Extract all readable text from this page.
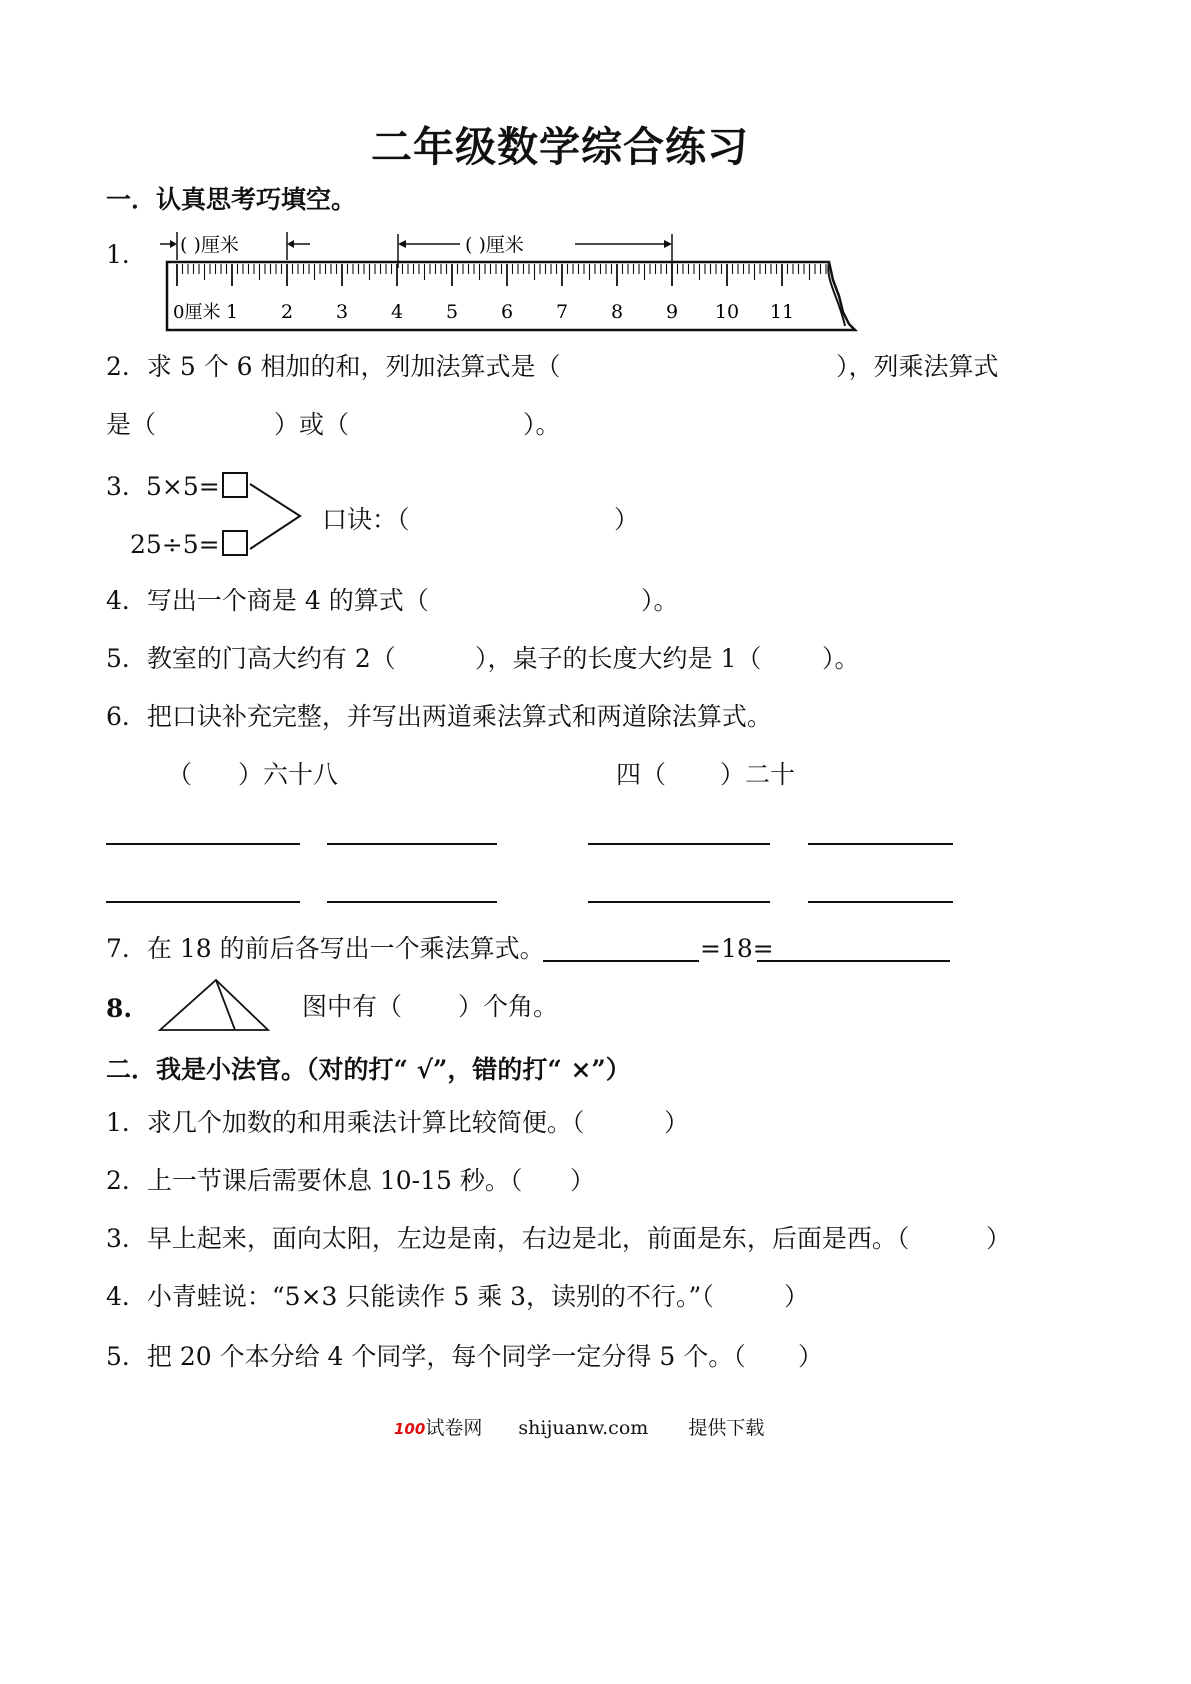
二年级数学综合练习
一．认真思考巧填空。
1． ( )厘米	( )厘米
0厘米 1 2 3 4 5 6 7 8 9 10 11
2．求 5 个 6 相加的和，列加法算式是（	），列乘法算式
是（	）或（	）。
3． 5×5=
25÷5=
口诀：（	）
4．写出一个商是 4 的算式（	）。
5．教室的门高大约有 2（	），桌子的长度大约是 1（ ）。
6．把口诀补充完整，并写出两道乘法算式和两道除法算式。
（ ）六十八	四（ ）二十
7．在 18 的前后各写出一个乘法算式。	=18=
8.	图中有（ ）个角。
二．我是小法官。（对的打“ √”，错的打“ ×”）
1．求几个加数的和用乘法计算比较简便。（	）
2．上一节课后需要休息 10-15 秒。（ ）
3．早上起来，面向太阳，左边是南，右边是北，前面是东，后面是西。（	）
4．小青蛙说：“5×3 只能读作 5 乘 3，读别的不行。”（	）
5．把 20 个本分给 4 个同学，每个同学一定分得 5 个。（ ）
100试卷网 shijuanw.com 提供下载
